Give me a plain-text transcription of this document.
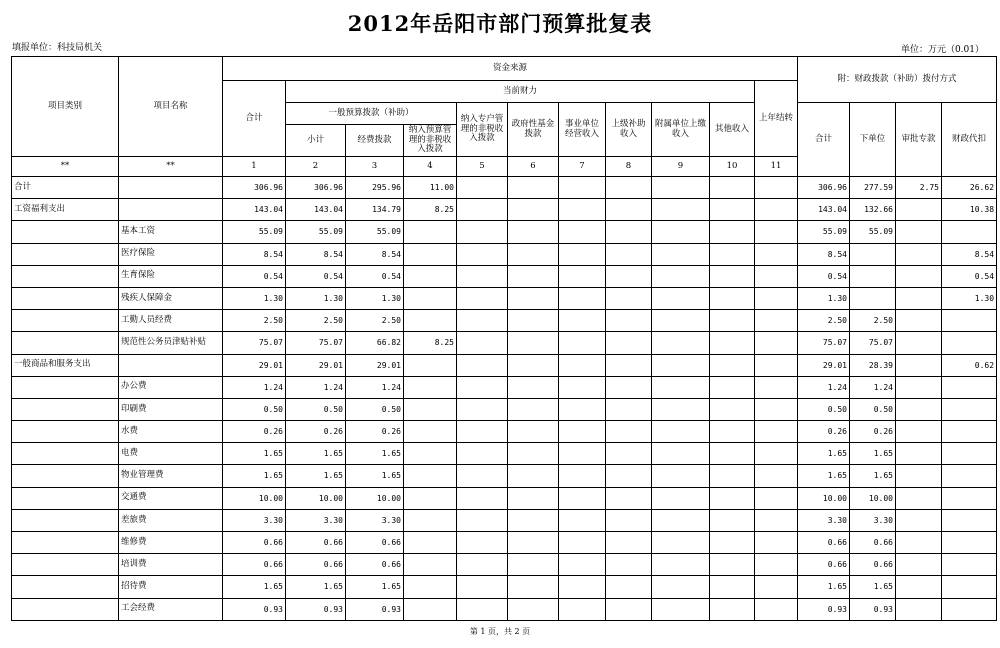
2012年岳阳市部门预算批复表
填报单位：科技局机关	单位：万元（0.01）
项目类别	项目名称	资金来源											附：财政拨款（补助）拨付方式				
		合计	当前财力									上年结转					
			一般预算拨款（补助）			纳入专户管理的非税收入拨款	政府性基金拨款	事业单位经营收入	上级补助收入	附属单位上缴收入	其他收入		合计	下单位	审批专款	财政代扣	
			小计	经费拨款	纳入预算管理的非税收入拨款												
**	**	1	2	3	4	5	6	7	8	9	10	11				
合计		306.96	306.96	295.96	11.00								306.96	277.59	2.75	26.62	
工资福利支出		143.04	143.04	134.79	8.25								143.04	132.66		10.38	
	基本工资	55.09	55.09	55.09									55.09	55.09			
	医疗保险	8.54	8.54	8.54									8.54			8.54	
	生育保险	0.54	0.54	0.54									0.54			0.54	
	残疾人保障金	1.30	1.30	1.30									1.30			1.30	
	工勤人员经费	2.50	2.50	2.50									2.50	2.50			
	规范性公务员津贴补贴	75.07	75.07	66.82	8.25								75.07	75.07			
一般商品和服务支出		29.01	29.01	29.01									29.01	28.39		0.62	
	办公费	1.24	1.24	1.24									1.24	1.24			
	印刷费	0.50	0.50	0.50									0.50	0.50			
	水费	0.26	0.26	0.26									0.26	0.26			
	电费	1.65	1.65	1.65									1.65	1.65			
	物业管理费	1.65	1.65	1.65									1.65	1.65			
	交通费	10.00	10.00	10.00									10.00	10.00			
	差旅费	3.30	3.30	3.30									3.30	3.30			
	维修费	0.66	0.66	0.66									0.66	0.66			
	培训费	0.66	0.66	0.66									0.66	0.66			
	招待费	1.65	1.65	1.65									1.65	1.65			
	工会经费	0.93	0.93	0.93									0.93	0.93			
第 1 页，共 2 页
